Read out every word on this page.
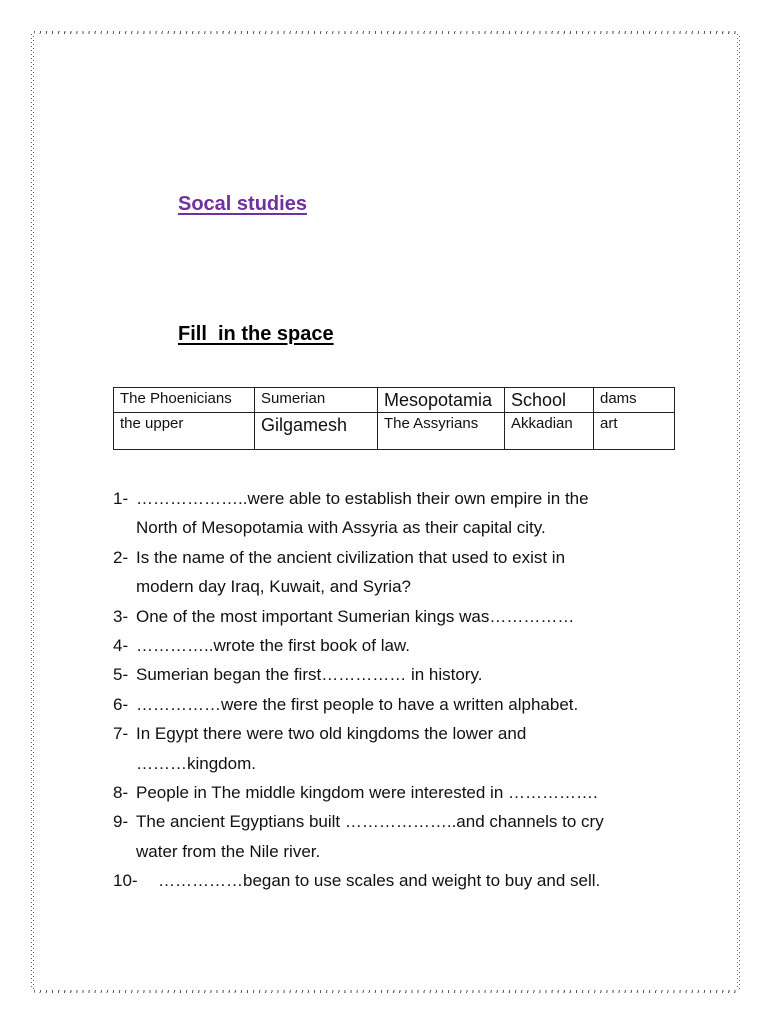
Socal studies
Fill  in the space
The Phoenicians	Sumerian	Mesopotamia	School	dams
the upper	Gilgamesh	The Assyrians	Akkadian	art
1- ………………..were able to establish their own empire in the
North of Mesopotamia with Assyria as their capital city.
2- Is the name of the ancient civilization that used to exist in
modern day Iraq, Kuwait, and Syria?
3- One of the most important Sumerian kings was……………
4- …………..wrote the first book of law.
5- Sumerian began the first…………… in history.
6- ……………were the first people to have a written alphabet.
7- In Egypt there were two old kingdoms the lower and
………kingdom.
8- People in The middle kingdom were interested in …………….
9- The ancient Egyptians built ………………..and channels to cry
water from the Nile river.
10- ……………began to use scales and weight to buy and sell.
